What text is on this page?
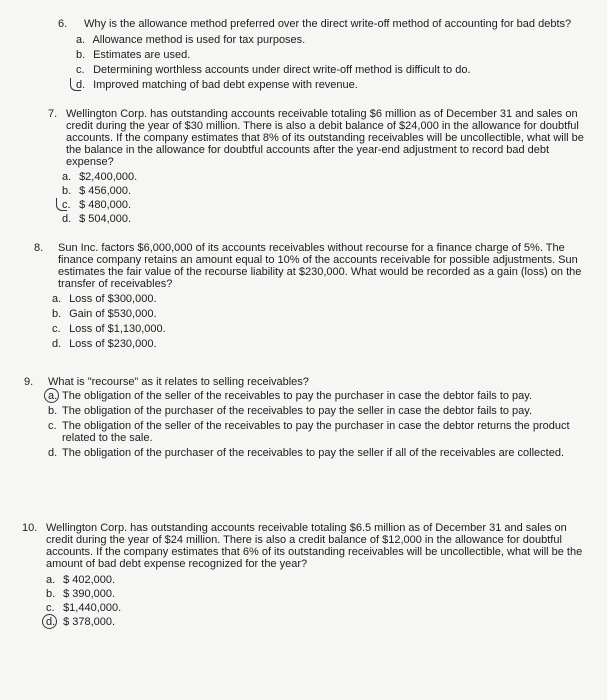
6. Why is the allowance method preferred over the direct write-off method of accounting for bad debts?
a. Allowance method is used for tax purposes.
b. Estimates are used.
c. Determining worthless accounts under direct write-off method is difficult to do.
d. Improved matching of bad debt expense with revenue.
7. Wellington Corp. has outstanding accounts receivable totaling $6 million as of December 31 and sales on credit during the year of $30 million. There is also a debit balance of $24,000 in the allowance for doubtful accounts. If the company estimates that 8% of its outstanding receivables will be uncollectible, what will be the balance in the allowance for doubtful accounts after the year-end adjustment to record bad debt expense?
a. $2,400,000.
b. $ 456,000.
c. $ 480,000.
d. $ 504,000.
8. Sun Inc. factors $6,000,000 of its accounts receivables without recourse for a finance charge of 5%. The finance company retains an amount equal to 10% of the accounts receivable for possible adjustments. Sun estimates the fair value of the recourse liability at $230,000. What would be recorded as a gain (loss) on the transfer of receivables?
a. Loss of $300,000.
b. Gain of $530,000.
c. Loss of $1,130,000.
d. Loss of $230,000.
9. What is "recourse" as it relates to selling receivables?
a. The obligation of the seller of the receivables to pay the purchaser in case the debtor fails to pay.
b. The obligation of the purchaser of the receivables to pay the seller in case the debtor fails to pay.
c. The obligation of the seller of the receivables to pay the purchaser in case the debtor returns the product related to the sale.
d. The obligation of the purchaser of the receivables to pay the seller if all of the receivables are collected.
10. Wellington Corp. has outstanding accounts receivable totaling $6.5 million as of December 31 and sales on credit during the year of $24 million. There is also a credit balance of $12,000 in the allowance for doubtful accounts. If the company estimates that 6% of its outstanding receivables will be uncollectible, what will be the amount of bad debt expense recognized for the year?
a. $ 402,000.
b. $ 390,000.
c. $1,440,000.
d. $ 378,000.
